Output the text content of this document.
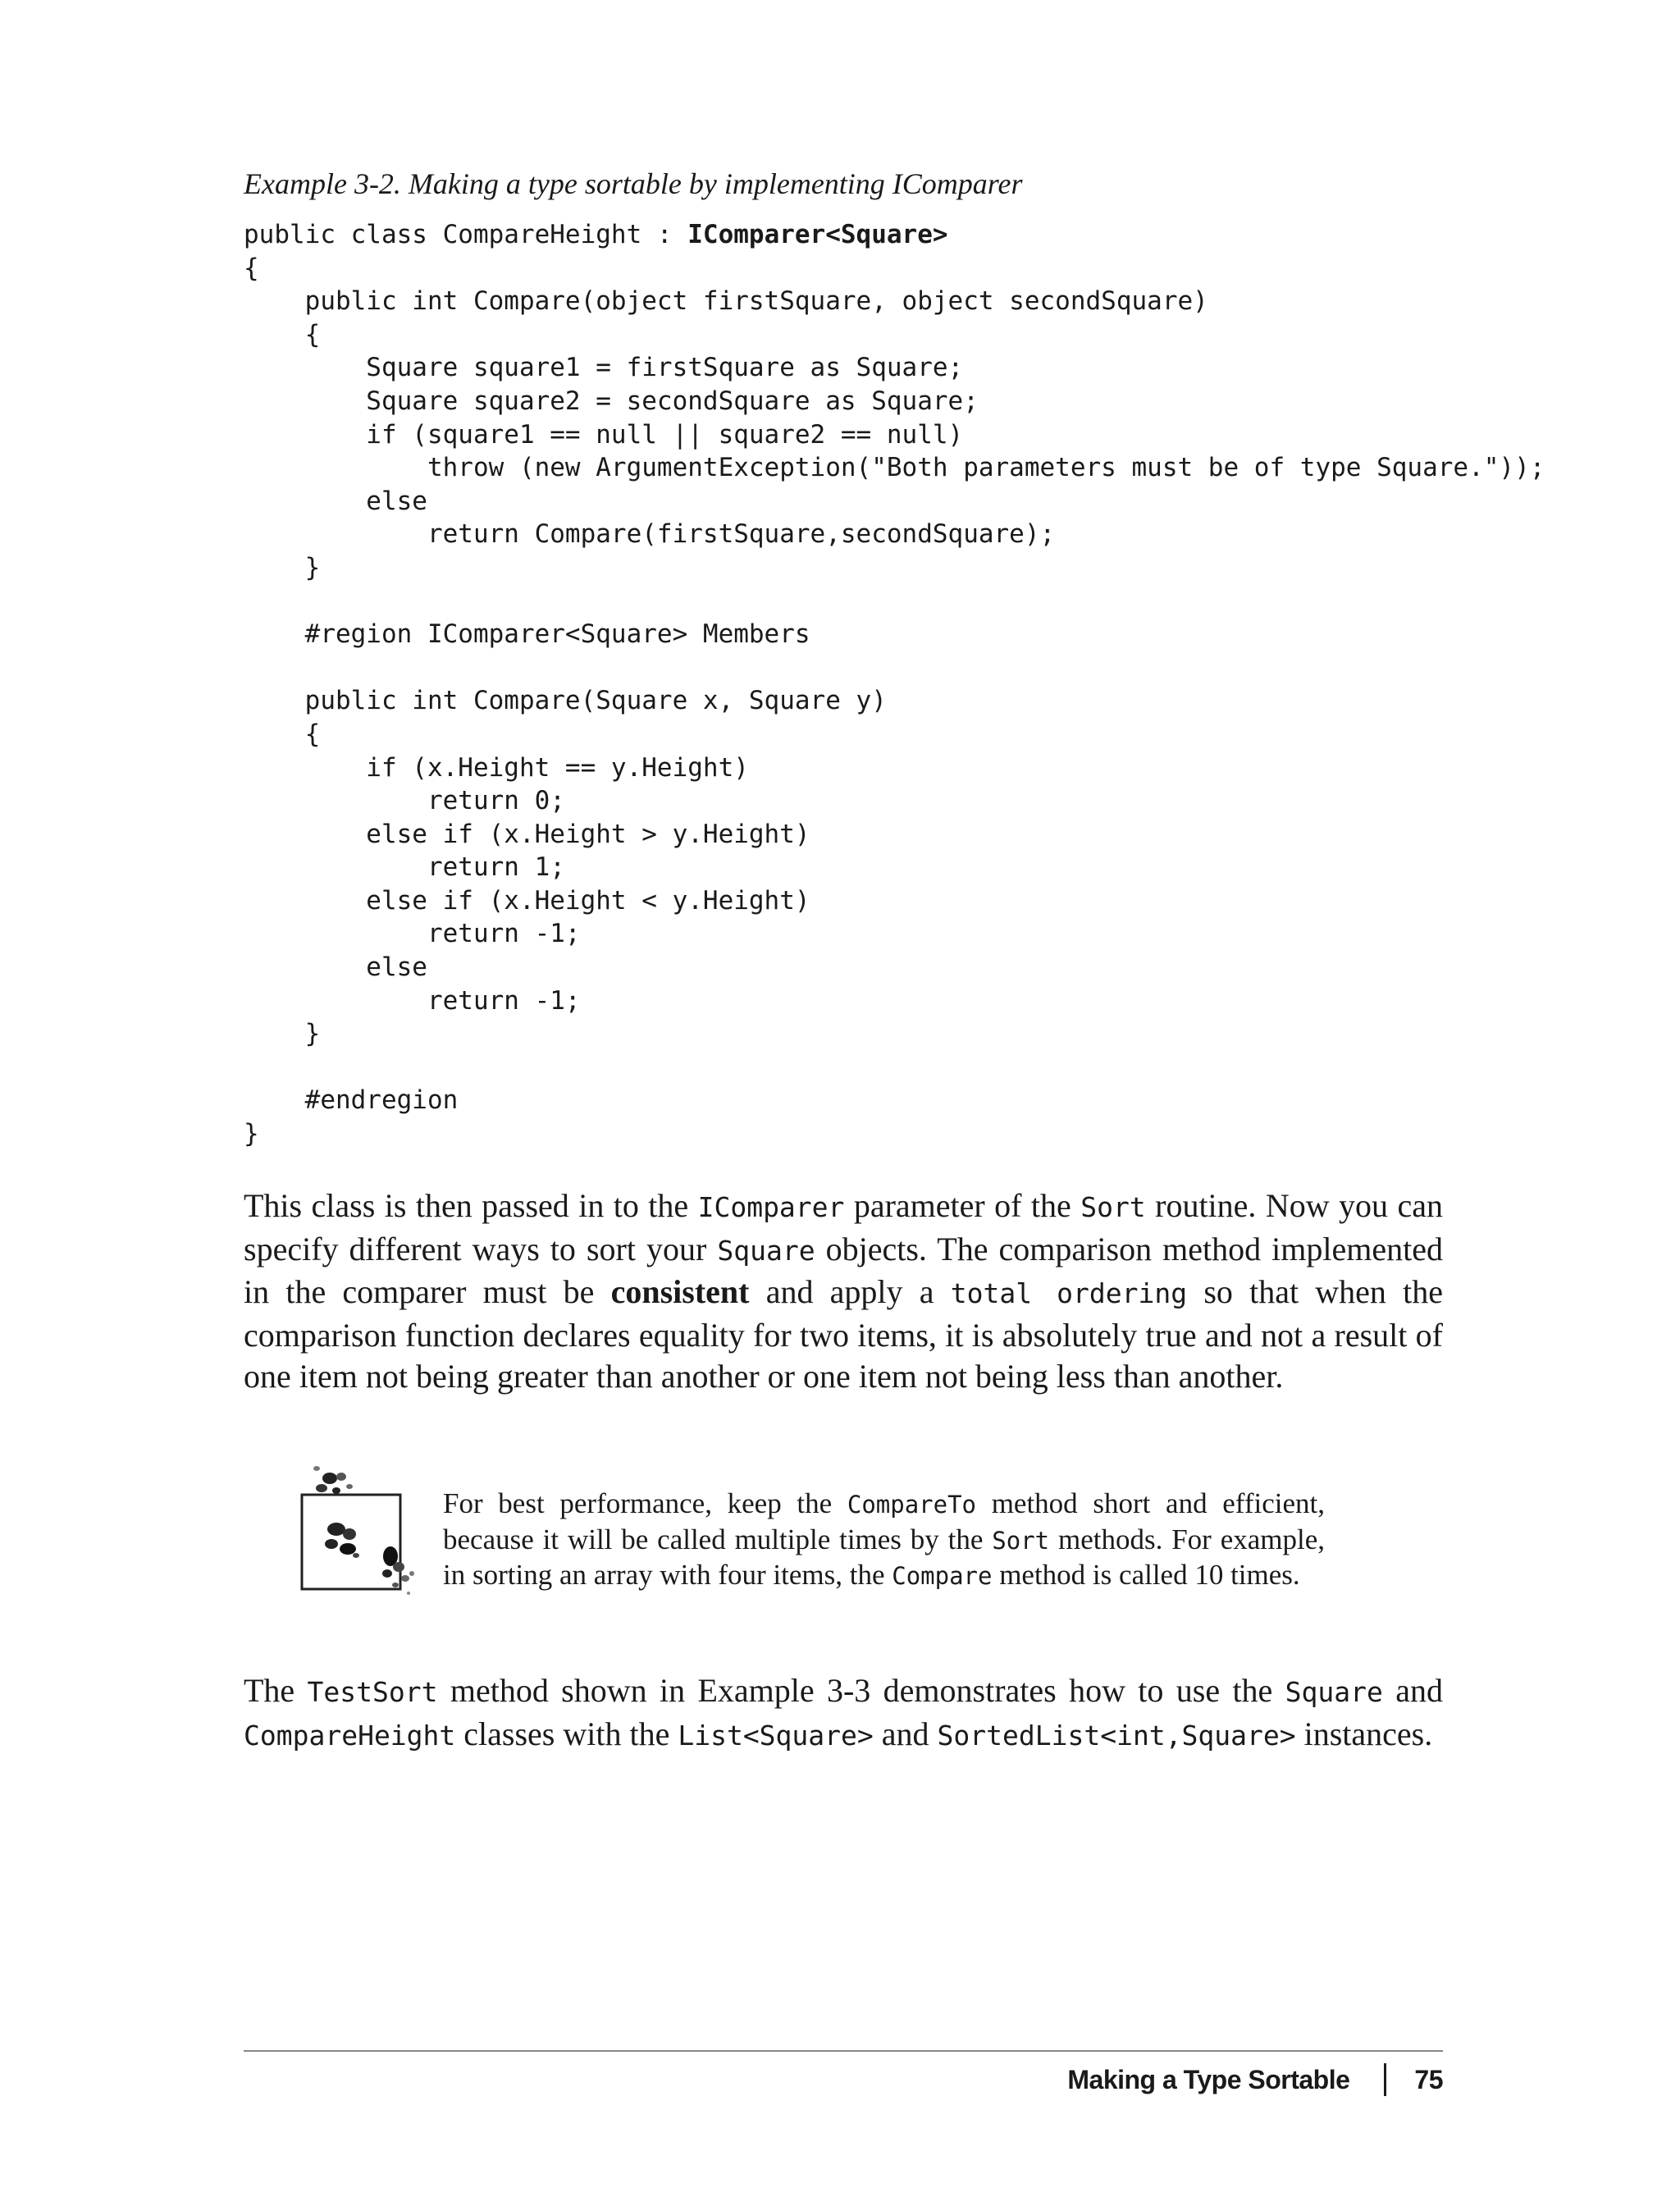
Example 3-2. Making a type sortable by implementing IComparer
public class CompareHeight : IComparer<Square>
{
public int Compare(object firstSquare, object secondSquare)
{
Square square1 = firstSquare as Square;
Square square2 = secondSquare as Square;
if (square1 == null || square2 == null)
throw (new ArgumentException("Both parameters must be of type Square."));
else
return Compare(firstSquare,secondSquare);
}
#region IComparer<Square> Members
public int Compare(Square x, Square y)
{
if (x.Height == y.Height)
return 0;
else if (x.Height > y.Height)
return 1;
else if (x.Height < y.Height)
return -1;
else
return -1;
}
#endregion
}

This class is then passed in to the IComparer parameter of the Sort routine. Now you can specify different ways to sort your Square objects. The comparison method implemented in the comparer must be consistent and apply a total ordering so that when the comparison function declares equality for two items, it is absolutely true and not a result of one item not being greater than another or one item not being less than another.

For best performance, keep the CompareTo method short and efficient, because it will be called multiple times by the Sort methods. For example, in sorting an array with four items, the Compare method is called 10 times.

The TestSort method shown in Example 3-3 demonstrates how to use the Square and CompareHeight classes with the List<Square> and SortedList<int,Square> instances.

Making a Type Sortable 75
